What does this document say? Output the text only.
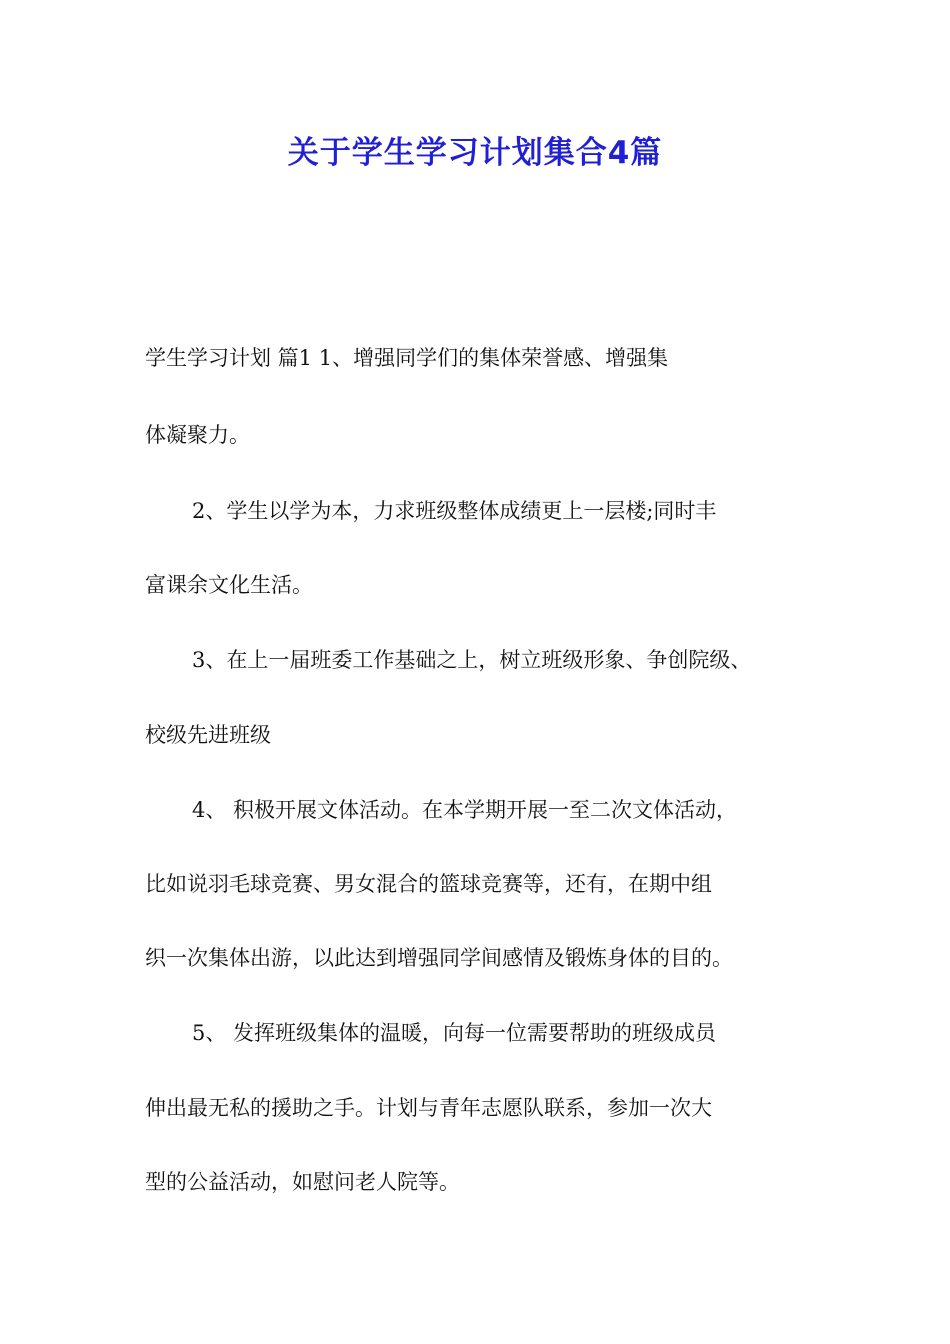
关于学生学习计划集合4篇
学生学习计划 篇1 1、增强同学们的集体荣誉感、增强集
体凝聚力。
2、学生以学为本，力求班级整体成绩更上一层楼;同时丰
富课余文化生活。
3、在上一届班委工作基础之上，树立班级形象、争创院级、
校级先进班级
4、 积极开展文体活动。在本学期开展一至二次文体活动，
比如说羽毛球竞赛、男女混合的篮球竞赛等，还有，在期中组
织一次集体出游，以此达到增强同学间感情及锻炼身体的目的。
5、 发挥班级集体的温暖，向每一位需要帮助的班级成员
伸出最无私的援助之手。计划与青年志愿队联系，参加一次大
型的公益活动，如慰问老人院等。
